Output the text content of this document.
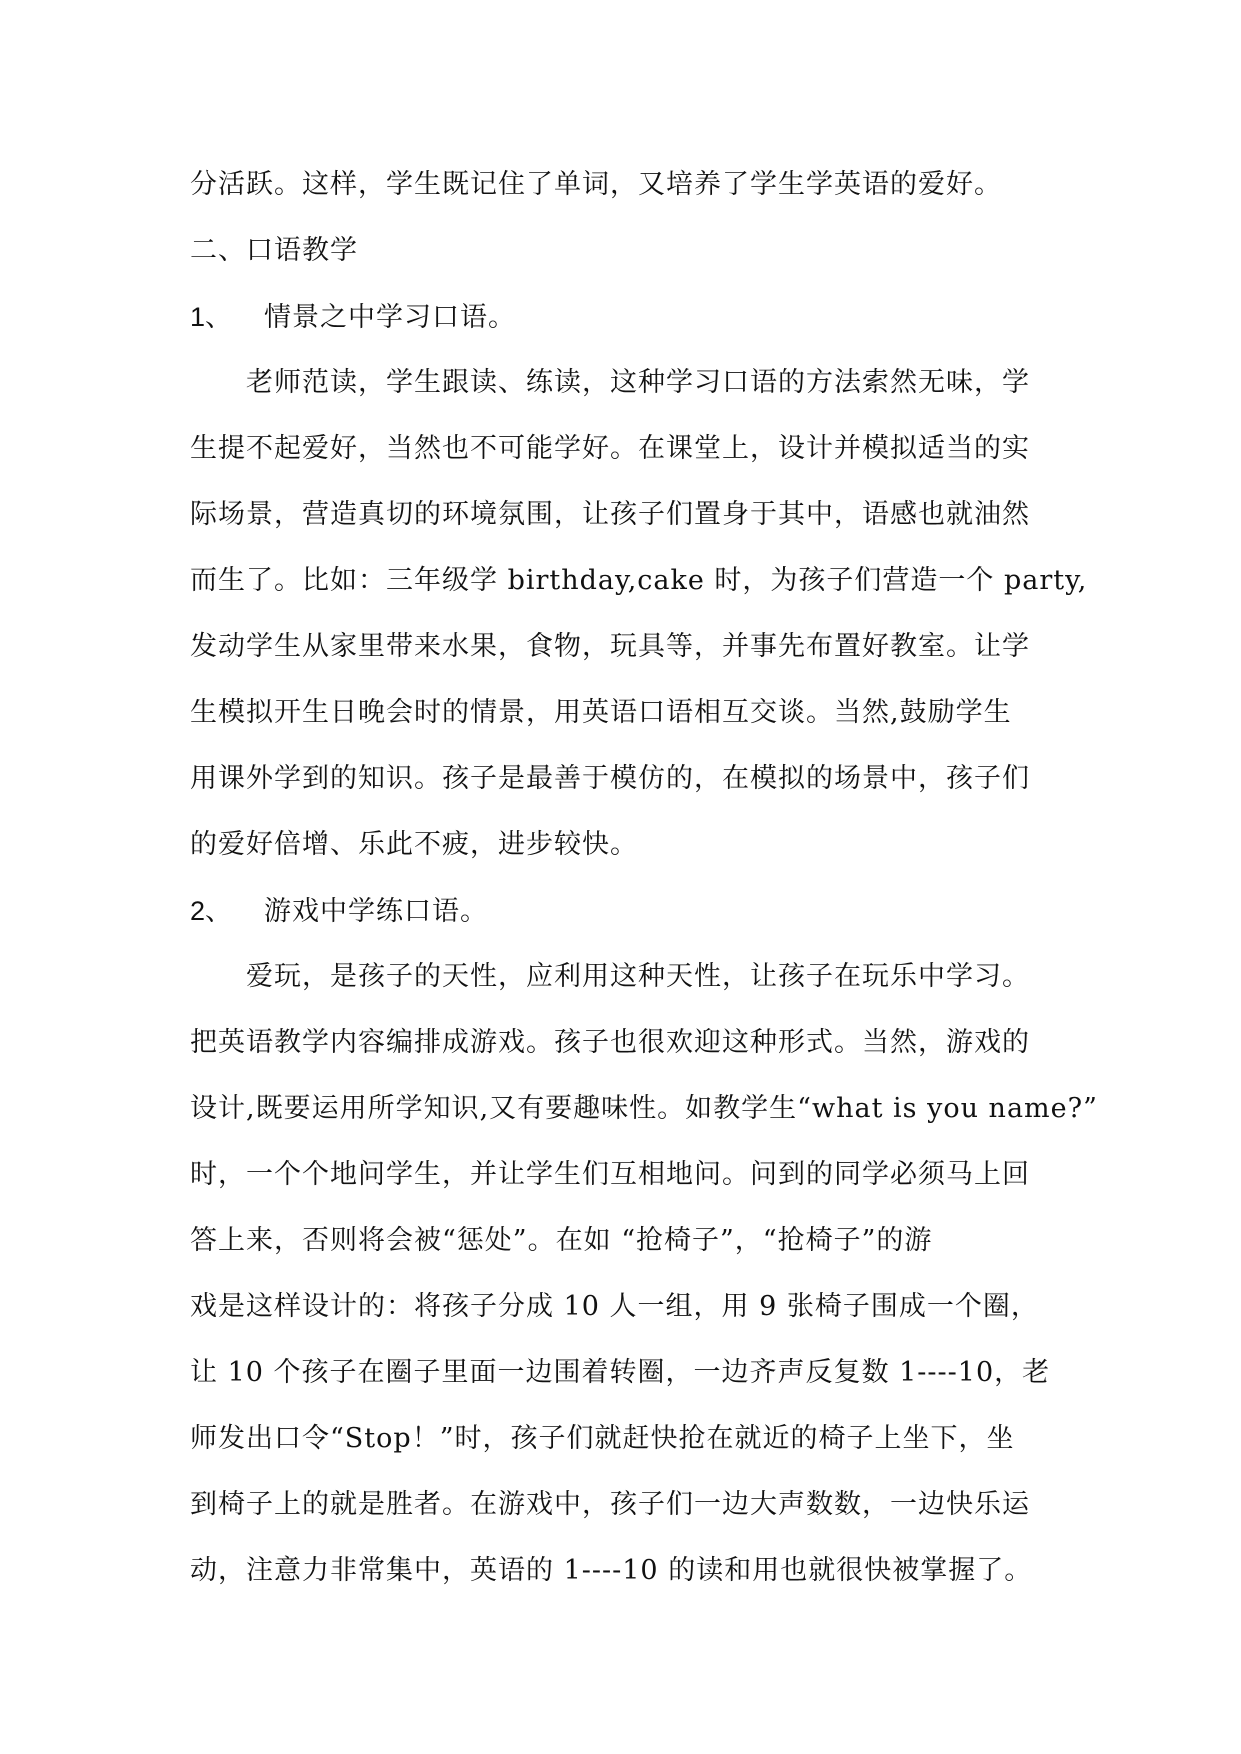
分活跃。这样，学生既记住了单词，又培养了学生学英语的爱好。
二、口语教学
1、 情景之中学习口语。
老师范读，学生跟读、练读，这种学习口语的方法索然无味，学
生提不起爱好，当然也不可能学好。在课堂上，设计并模拟适当的实
际场景，营造真切的环境氛围，让孩子们置身于其中，语感也就油然
而生了。比如：三年级学 birthday,cake 时，为孩子们营造一个 party,
发动学生从家里带来水果，食物，玩具等，并事先布置好教室。让学
生模拟开生日晚会时的情景，用英语口语相互交谈。当然,鼓励学生
用课外学到的知识。孩子是最善于模仿的，在模拟的场景中，孩子们
的爱好倍增、乐此不疲，进步较快。
2、 游戏中学练口语。
爱玩，是孩子的天性，应利用这种天性，让孩子在玩乐中学习。
把英语教学内容编排成游戏。孩子也很欢迎这种形式。当然，游戏的
设计,既要运用所学知识,又有要趣味性。如教学生“what is you name?”
时，一个个地问学生，并让学生们互相地问。问到的同学必须马上回
答上来，否则将会被“惩处”。在如 “抢椅子”，“抢椅子”的游
戏是这样设计的：将孩子分成 10 人一组，用 9 张椅子围成一个圈，
让 10 个孩子在圈子里面一边围着转圈，一边齐声反复数 1----10，老
师发出口令“Stop！”时，孩子们就赶快抢在就近的椅子上坐下，坐
到椅子上的就是胜者。在游戏中，孩子们一边大声数数，一边快乐运
动，注意力非常集中，英语的 1----10 的读和用也就很快被掌握了。
